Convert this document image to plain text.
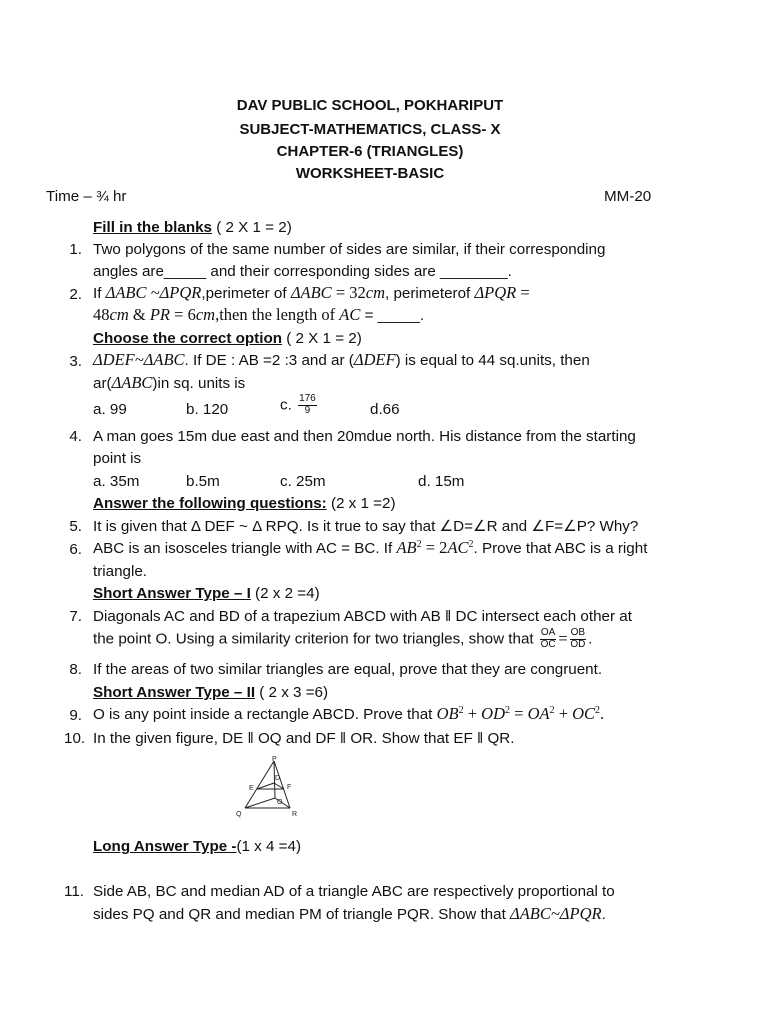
DAV PUBLIC SCHOOL, POKHARIPUT
SUBJECT-MATHEMATICS, CLASS- X
CHAPTER-6 (TRIANGLES)
WORKSHEET-BASIC
Time – ¾ hr	MM-20
Fill in the blanks ( 2 X 1 = 2)
1. Two polygons of the same number of sides are similar, if their corresponding
angles are_____ and their corresponding sides are ________.
2. If ΔABC ~ΔPQR,perimeter of ΔABC = 32cm, perimeterof ΔPQR =
48cm & PR = 6cm,then the length of AC = _____.
Choose the correct option ( 2 X 1 = 2)
3. ΔDEF~ΔABC. If DE : AB =2 :3 and ar (ΔDEF) is equal to 44 sq.units, then
ar(ΔABC)in sq. units is
a. 99	b. 120	c. $\frac{176}{9}$	d.66
4. A man goes 15m due east and then 20mdue north. His distance from the starting
point is
a. 35m	b.5m	c. 25m	d. 15m
Answer the following questions: (2 x 1 =2)
5. It is given that Δ DEF ~ Δ RPQ. Is it true to say that ∠D=∠R and ∠F=∠P? Why?
6. ABC is an isosceles triangle with AC = BC. If $AB^2 = 2AC^2$. Prove that ABC is a right
triangle.
Short Answer Type – I (2 x 2 =4)
7. Diagonals AC and BD of a trapezium ABCD with AB ‖ DC intersect each other at
the point O. Using a similarity criterion for two triangles, show that $\frac{OA}{OC} = \frac{OB}{OD}$ .
8. If the areas of two similar triangles are equal, prove that they are congruent.
Short Answer Type – II ( 2 x 3 =6)
9. O is any point inside a rectangle ABCD. Prove that $OB^2 + OD^2 = OA^2 + OC^2$.
10. In the given figure, DE ‖ OQ and DF ‖ OR. Show that EF ‖ QR.
P
D
E	F
O
Q	R
Long Answer Type -(1 x 4 =4)
11. Side AB, BC and median AD of a triangle ABC are respectively proportional to
sides PQ and QR and median PM of triangle PQR. Show that ΔABC~ΔPQR.
